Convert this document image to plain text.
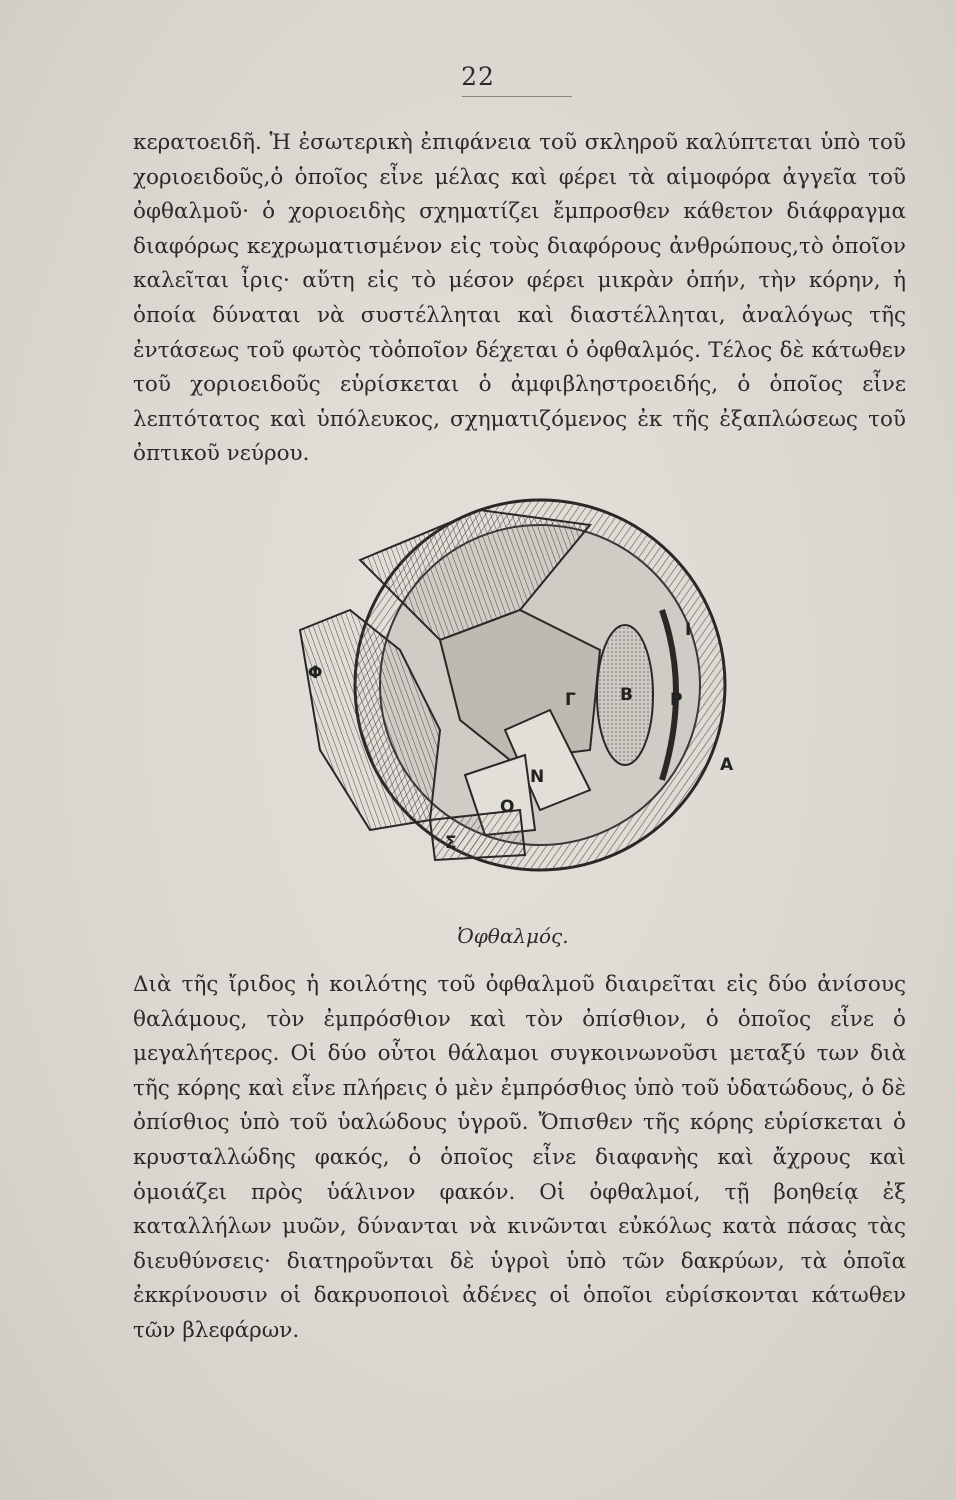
22

κερατοειδῆ. Ἡ ἐσωτερικὴ ἐπιφάνεια τοῦ σκληροῦ καλύπτεται ὑπὸ τοῦ χοριοειδοῦς,ὁ ὁποῖος εἶνε μέλας καὶ φέρει τὰ αἱμοφόρα ἀγγεῖα τοῦ ὀφθαλμοῦ· ὁ χοριοειδὴς σχηματίζει ἔμπροσθεν κάθετον διάφραγμα διαφόρως κεχρωματισμένον εἰς τοὺς διαφόρους ἀνθρώπους,τὸ ὁποῖον καλεῖται ἶρις· αὕτη εἰς τὸ μέσον φέρει μικρὰν ὀπήν, τὴν κόρην, ἡ ὁποία δύναται νὰ συστέλληται καὶ διαστέλληται, ἀναλόγως τῆς ἐντάσεως τοῦ φωτὸς τὸὁποῖον δέχεται ὁ ὀφθαλμός. Τέλος δὲ κάτωθεν τοῦ χοριοειδοῦς εὑρίσκεται ὁ ἀμφιβληστροειδής, ὁ ὁποῖος εἶνε λεπτότατος καὶ ὑπόλευκος, σχηματιζόμενος ἐκ τῆς ἐξαπλώσεως τοῦ ὀπτικοῦ νεύρου.

Φ
Γ	Β Ρ
Ι
Α
Ν
Ο
Σ
Ὀφθαλμός.

Διὰ τῆς ἴριδος ἡ κοιλότης τοῦ ὀφθαλμοῦ διαιρεῖται εἰς δύο ἀνίσους θαλάμους, τὸν ἐμπρόσθιον καὶ τὸν ὀπίσθιον, ὁ ὁποῖος εἶνε ὁ μεγαλήτερος. Οἱ δύο οὗτοι θάλαμοι συγκοινωνοῦσι μεταξύ των διὰ τῆς κόρης καὶ εἶνε πλήρεις ὁ μὲν ἐμπρόσθιος ὑπὸ τοῦ ὑδατώδους, ὁ δὲ ὀπίσθιος ὑπὸ τοῦ ὑαλώδους ὑγροῦ. Ὄπισθεν τῆς κόρης εὑρίσκεται ὁ κρυσταλλώδης φακός, ὁ ὁποῖος εἶνε διαφανὴς καὶ ἄχρους καὶ ὁμοιάζει πρὸς ὑάλινον φακόν. Οἱ ὀφθαλμοί, τῇ βοηθείᾳ ἐξ καταλλήλων μυῶν, δύνανται νὰ κινῶνται εὐκόλως κατὰ πάσας τὰς διευθύνσεις· διατηροῦνται δὲ ὑγροὶ ὑπὸ τῶν δακρύων, τὰ ὁποῖα ἐκκρίνουσιν οἱ δακρυοποιοὶ ἀδένες οἱ ὁποῖοι εὑρίσκονται κάτωθεν τῶν βλεφάρων.
